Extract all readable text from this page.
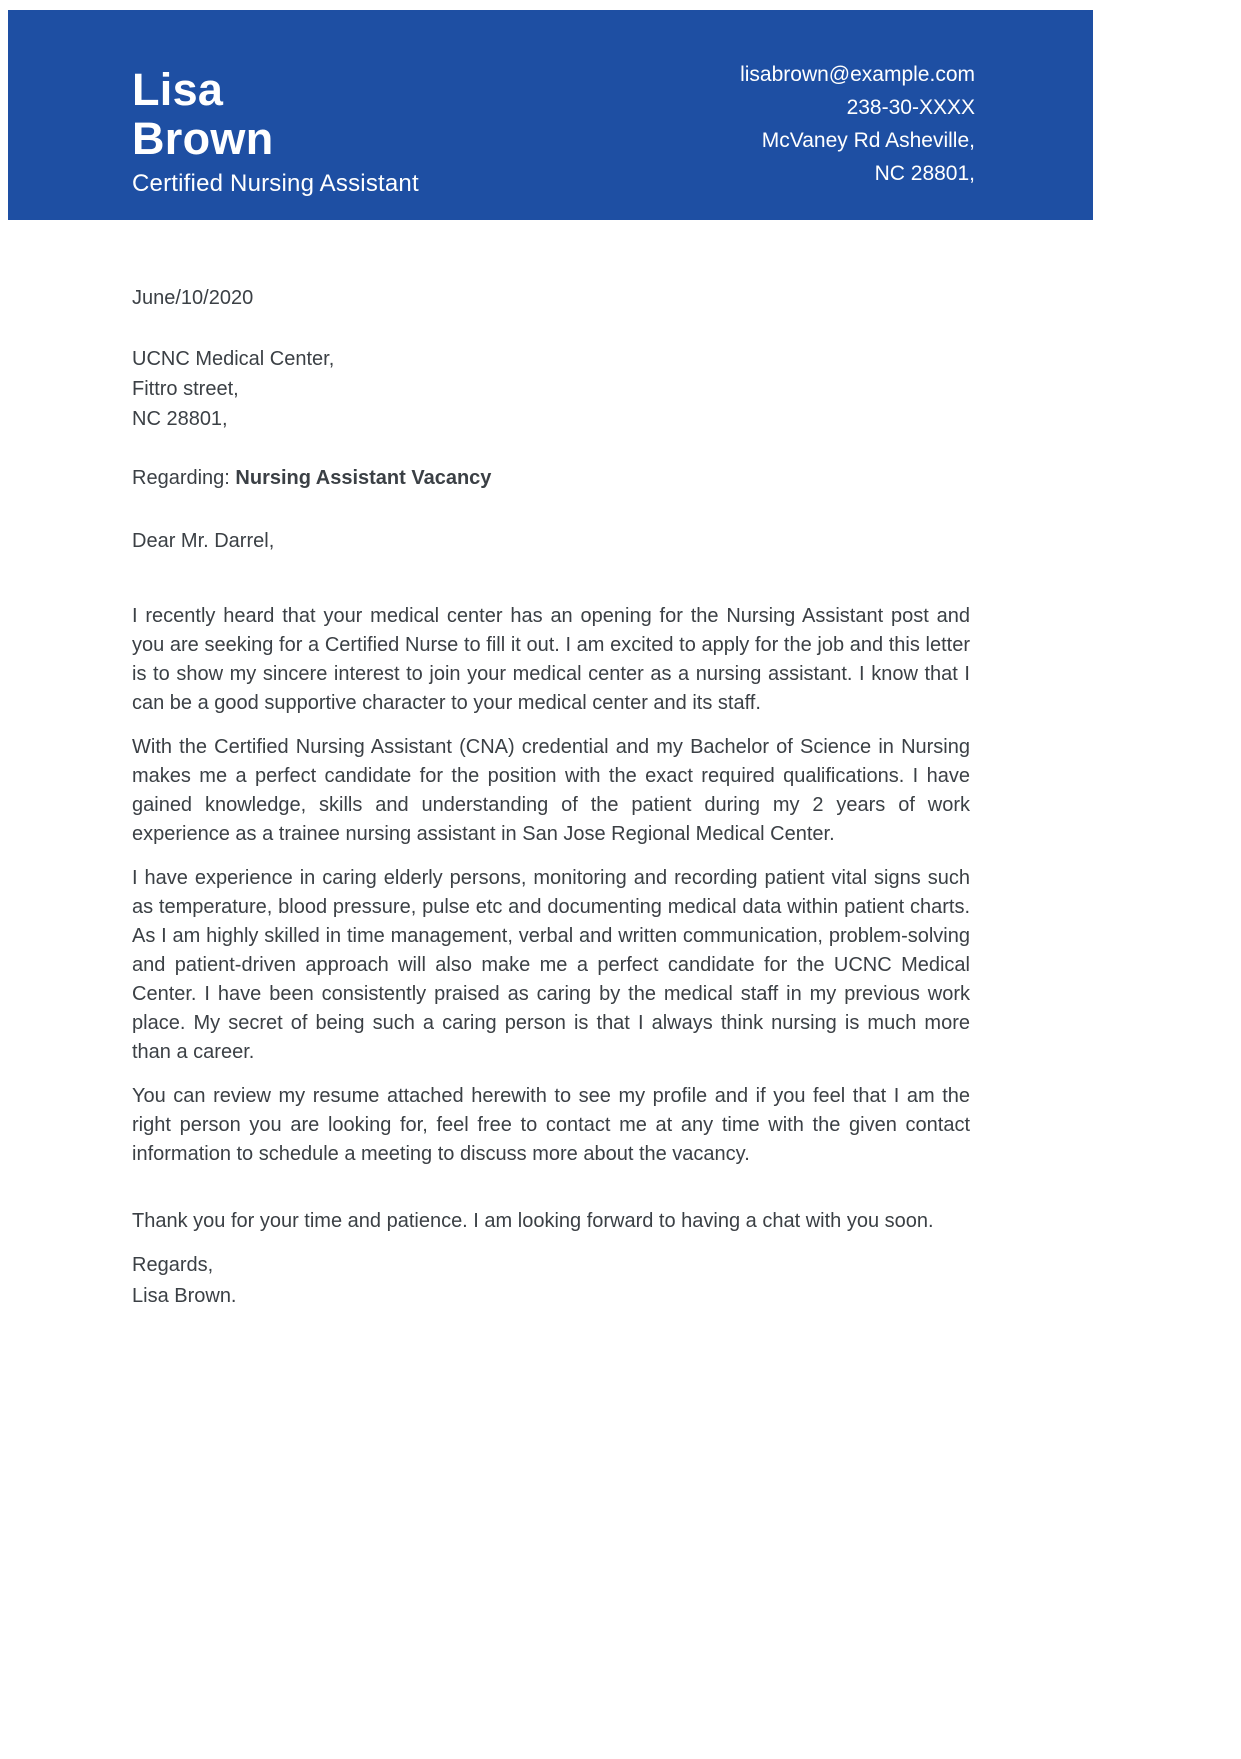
Lisa
Brown
Certified Nursing Assistant
lisabrown@example.com
238-30-XXXX
McVaney Rd Asheville,
NC 28801,
June/10/2020
UCNC Medical Center,
Fittro street,
NC 28801,
Regarding: Nursing Assistant Vacancy
Dear Mr. Darrel,

I recently heard that your medical center has an opening for the Nursing Assistant post and you are seeking for a Certified Nurse to fill it out. I am excited to apply for the job and this letter is to show my sincere interest to join your medical center as a nursing assistant. I know that I can be a good supportive character to your medical center and its staff.

With the Certified Nursing Assistant (CNA) credential and my Bachelor of Science in Nursing makes me a perfect candidate for the position with the exact required qualifications. I have gained knowledge, skills and understanding of the patient during my 2 years of work experience as a trainee nursing assistant in San Jose Regional Medical Center.

I have experience in caring elderly persons, monitoring and recording patient vital signs such as temperature, blood pressure, pulse etc and documenting medical data within patient charts. As I am highly skilled in time management, verbal and written communication, problem-solving and patient-driven approach will also make me a perfect candidate for the UCNC Medical Center. I have been consistently praised as caring by the medical staff in my previous work place. My secret of being such a caring person is that I always think nursing is much more than a career.

You can review my resume attached herewith to see my profile and if you feel that I am the right person you are looking for, feel free to contact me at any time with the given contact information to schedule a meeting to discuss more about the vacancy.

Thank you for your time and patience. I am looking forward to having a chat with you soon.

Regards,
Lisa Brown.
